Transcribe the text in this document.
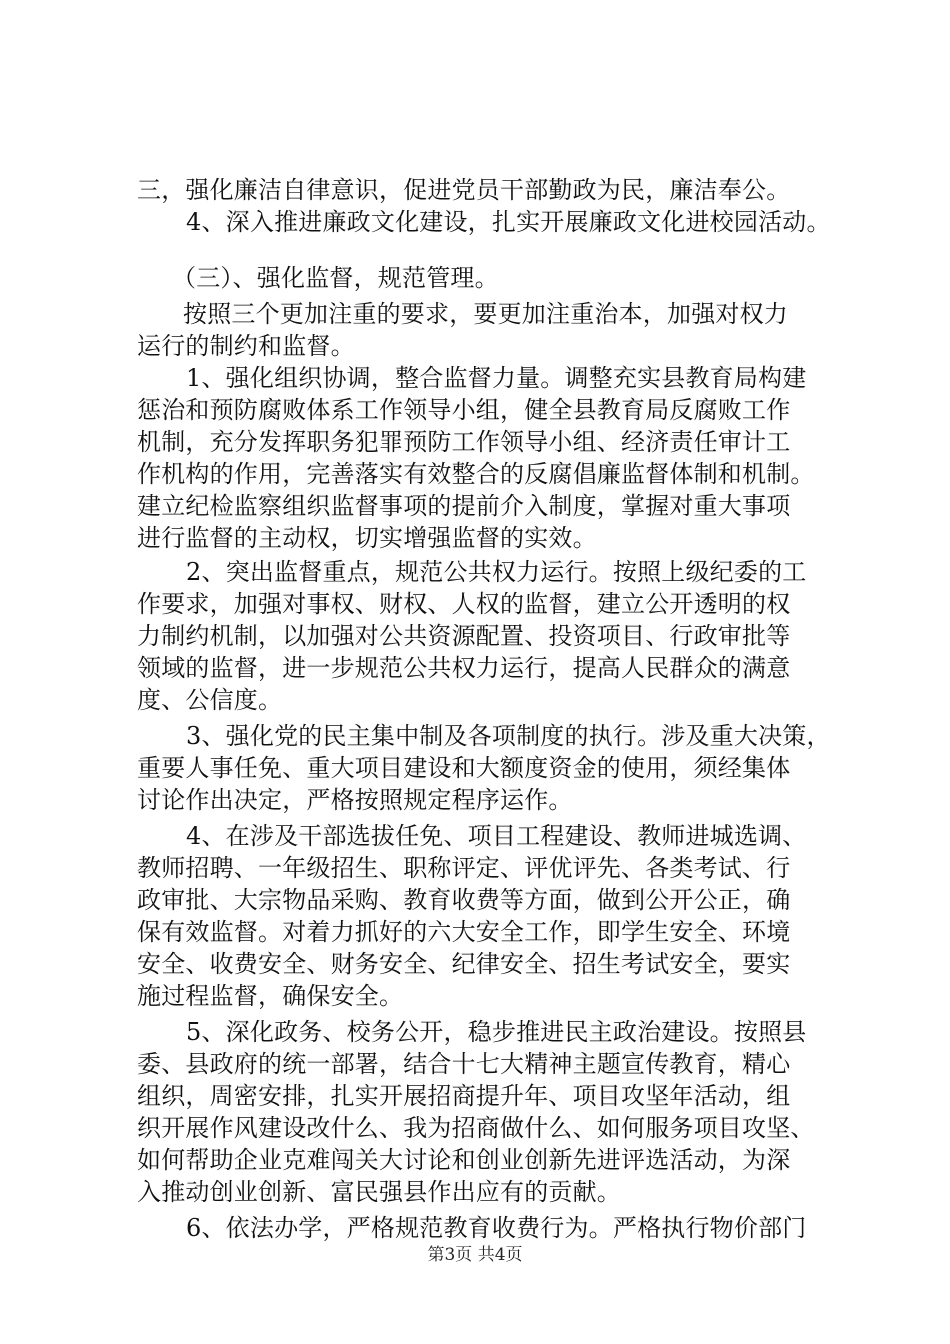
三，强化廉洁自律意识，促进党员干部勤政为民，廉洁奉公。
4、深入推进廉政文化建设，扎实开展廉政文化进校园活动。
（三）、强化监督，规范管理。
按照三个更加注重的要求，要更加注重治本，加强对权力
运行的制约和监督。
1、强化组织协调，整合监督力量。调整充实县教育局构建
惩治和预防腐败体系工作领导小组，健全县教育局反腐败工作
机制，充分发挥职务犯罪预防工作领导小组、经济责任审计工
作机构的作用，完善落实有效整合的反腐倡廉监督体制和机制。
建立纪检监察组织监督事项的提前介入制度，掌握对重大事项
进行监督的主动权，切实增强监督的实效。
2、突出监督重点，规范公共权力运行。按照上级纪委的工
作要求，加强对事权、财权、人权的监督，建立公开透明的权
力制约机制，以加强对公共资源配置、投资项目、行政审批等
领域的监督，进一步规范公共权力运行，提高人民群众的满意
度、公信度。
3、强化党的民主集中制及各项制度的执行。涉及重大决策，
重要人事任免、重大项目建设和大额度资金的使用，须经集体
讨论作出决定，严格按照规定程序运作。
4、在涉及干部选拔任免、项目工程建设、教师进城选调、
教师招聘、一年级招生、职称评定、评优评先、各类考试、行
政审批、大宗物品采购、教育收费等方面，做到公开公正，确
保有效监督。对着力抓好的六大安全工作，即学生安全、环境
安全、收费安全、财务安全、纪律安全、招生考试安全，要实
施过程监督，确保安全。
5、深化政务、校务公开，稳步推进民主政治建设。按照县
委、县政府的统一部署，结合十七大精神主题宣传教育，精心
组织，周密安排，扎实开展招商提升年、项目攻坚年活动，组
织开展作风建设改什么、我为招商做什么、如何服务项目攻坚、
如何帮助企业克难闯关大讨论和创业创新先进评选活动，为深
入推动创业创新、富民强县作出应有的贡献。
6、依法办学，严格规范教育收费行为。严格执行物价部门
第3页 共4页
